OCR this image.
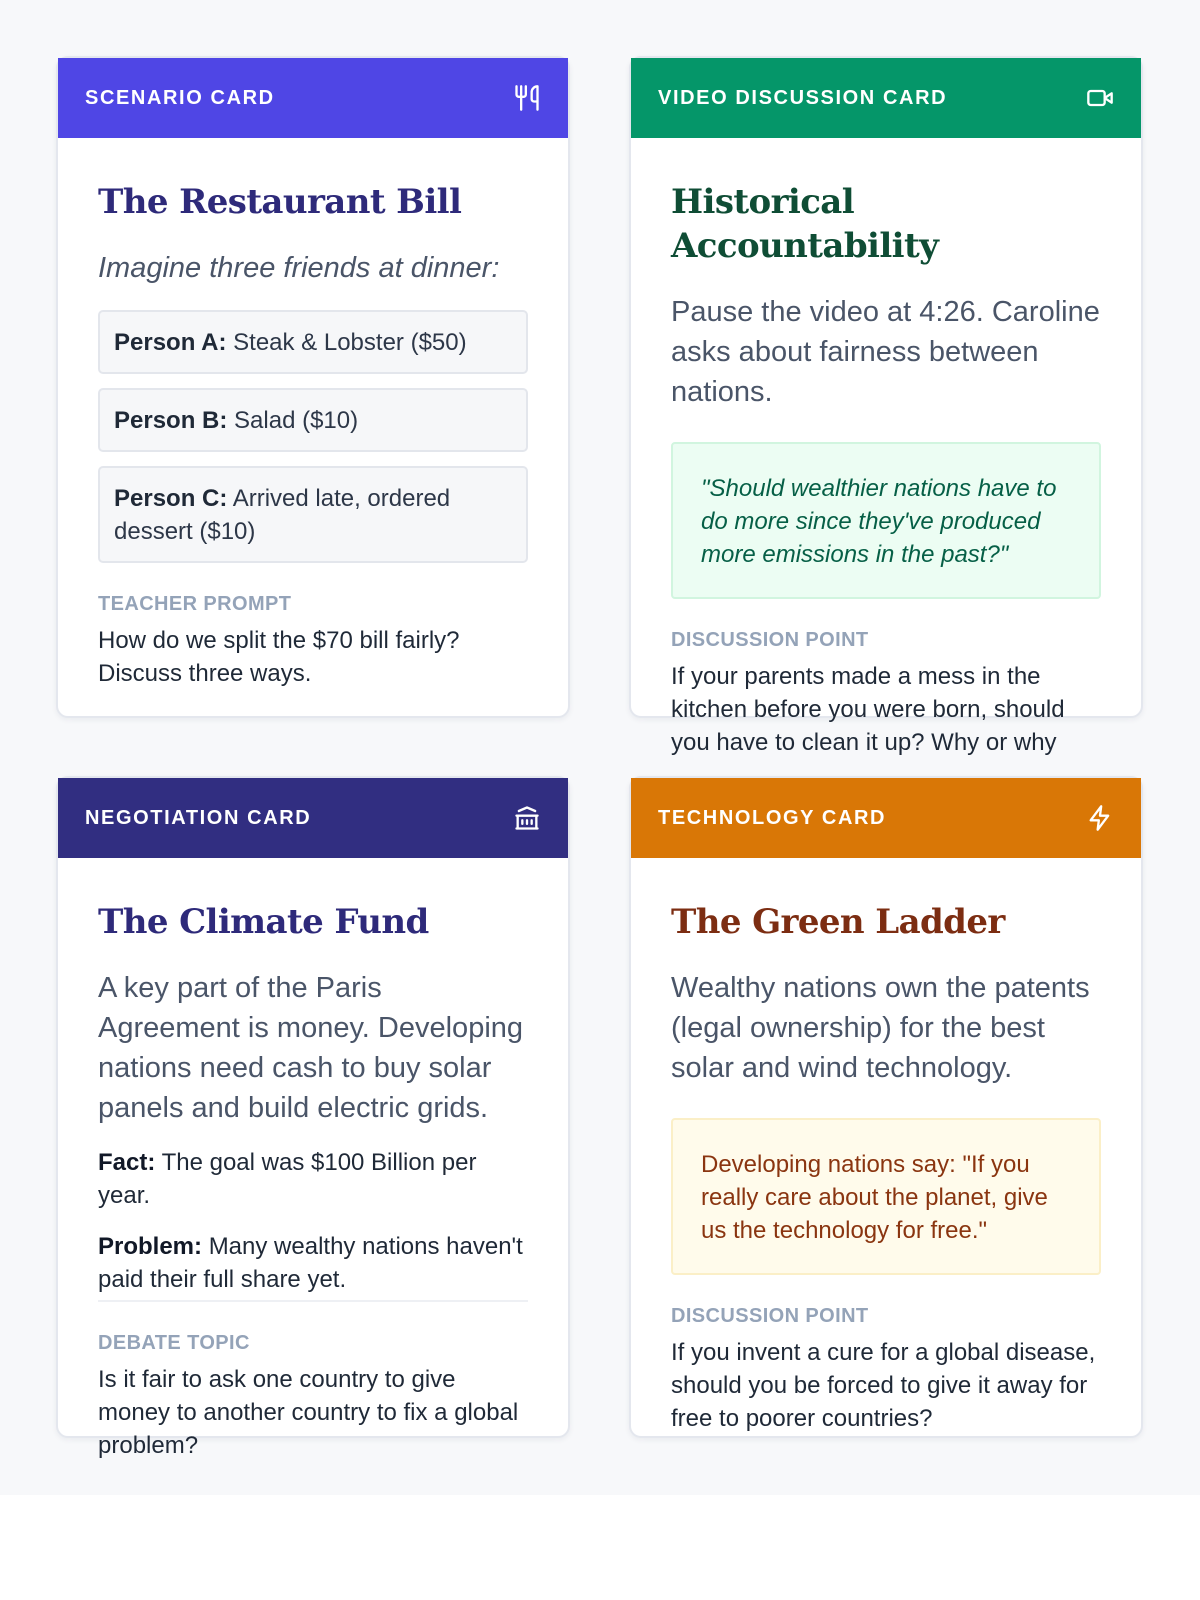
SCENARIO CARD
The Restaurant Bill
Imagine three friends at dinner:
Person A: Steak & Lobster ($50)
Person B: Salad ($10)
Person C: Arrived late, ordered dessert ($10)
TEACHER PROMPT
How do we split the $70 bill fairly? Discuss three ways.
VIDEO DISCUSSION CARD
Historical Accountability
Pause the video at 4:26. Caroline asks about fairness between nations.
"Should wealthier nations have to do more since they've produced more emissions in the past?"
DISCUSSION POINT
If your parents made a mess in the kitchen before you were born, should you have to clean it up? Why or why
NEGOTIATION CARD
The Climate Fund
A key part of the Paris Agreement is money. Developing nations need cash to buy solar panels and build electric grids.
Fact: The goal was $100 Billion per year.
Problem: Many wealthy nations haven't paid their full share yet.
DEBATE TOPIC
Is it fair to ask one country to give money to another country to fix a global problem?
TECHNOLOGY CARD
The Green Ladder
Wealthy nations own the patents (legal ownership) for the best solar and wind technology.
Developing nations say: "If you really care about the planet, give us the technology for free."
DISCUSSION POINT
If you invent a cure for a global disease, should you be forced to give it away for free to poorer countries?
